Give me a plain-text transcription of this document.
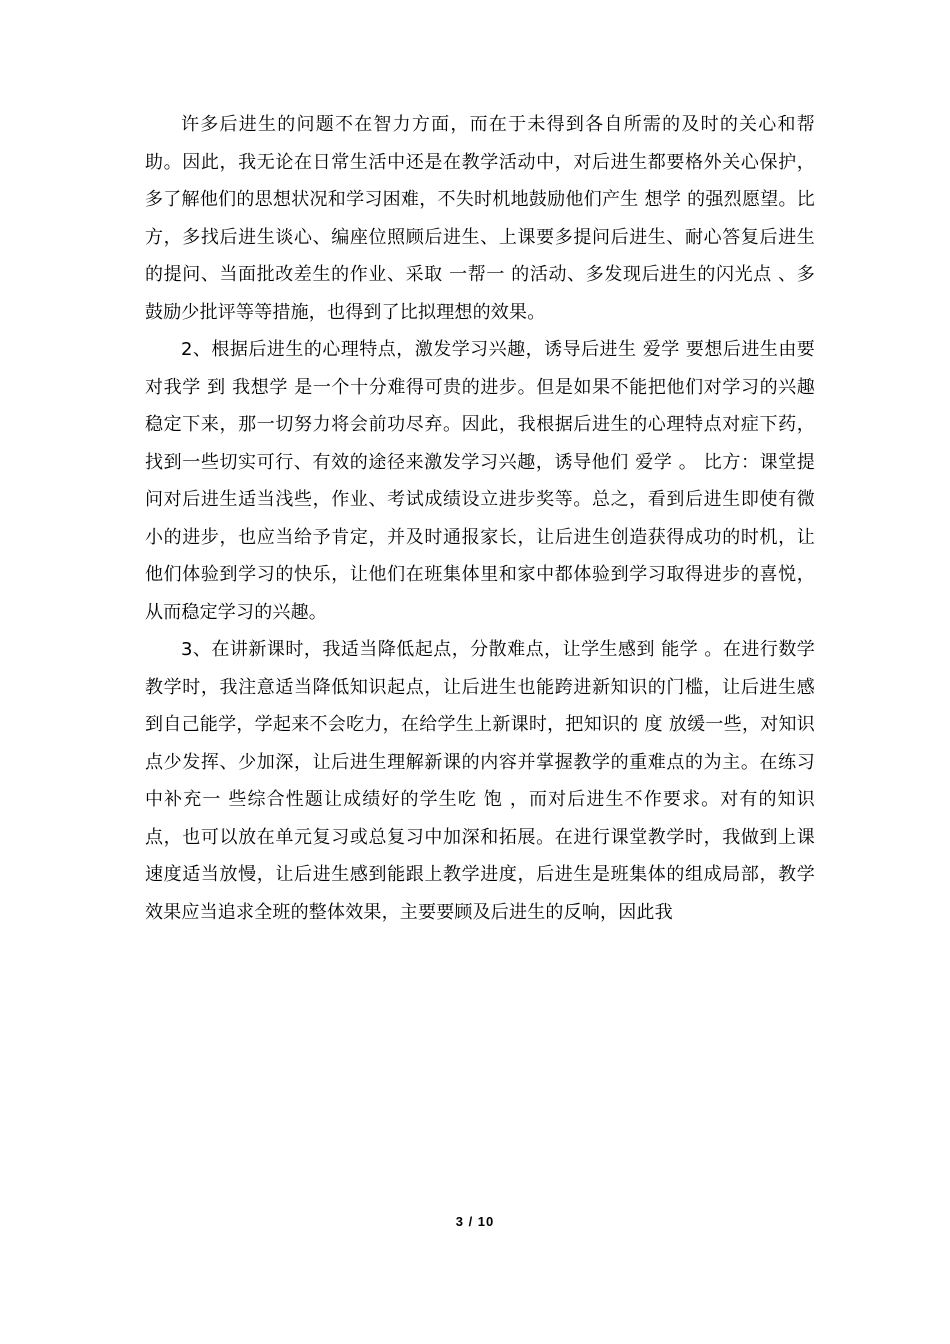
许多后进生的问题不在智力方面，而在于未得到各自所需的及时的关心和帮助。因此，我无论在日常生活中还是在教学活动中，对后进生都要格外关心保护，多了解他们的思想状况和学习困难，不失时机地鼓励他们产生 想学 的强烈愿望。比方，多找后进生谈心、编座位照顾后进生、上课要多提问后进生、耐心答复后进生的提问、当面批改差生的作业、采取 一帮一 的活动、多发现后进生的闪光点 、多鼓励少批评等等措施，也得到了比拟理想的效果。

2、根据后进生的心理特点，激发学习兴趣，诱导后进生 爱学 要想后进生由要对我学 到 我想学 是一个十分难得可贵的进步。但是如果不能把他们对学习的兴趣稳定下来，那一切努力将会前功尽弃。因此，我根据后进生的心理特点对症下药，找到一些切实可行、有效的途径来激发学习兴趣，诱导他们 爱学 。 比方：课堂提问对后进生适当浅些，作业、考试成绩设立进步奖等。总之，看到后进生即使有微小的进步，也应当给予肯定，并及时通报家长，让后进生创造获得成功的时机，让他们体验到学习的快乐，让他们在班集体里和家中都体验到学习取得进步的喜悦，从而稳定学习的兴趣。

3、在讲新课时，我适当降低起点，分散难点，让学生感到 能学 。在进行数学教学时，我注意适当降低知识起点，让后进生也能跨进新知识的门槛，让后进生感到自己能学，学起来不会吃力，在给学生上新课时，把知识的 度 放缓一些，对知识点少发挥、少加深，让后进生理解新课的内容并掌握教学的重难点的为主。在练习中补充一 些综合性题让成绩好的学生吃 饱 ，而对后进生不作要求。对有的知识点，也可以放在单元复习或总复习中加深和拓展。在进行课堂教学时，我做到上课速度适当放慢，让后进生感到能跟上教学进度，后进生是班集体的组成局部，教学效果应当追求全班的整体效果，主要要顾及后进生的反响，因此我

3 / 10
